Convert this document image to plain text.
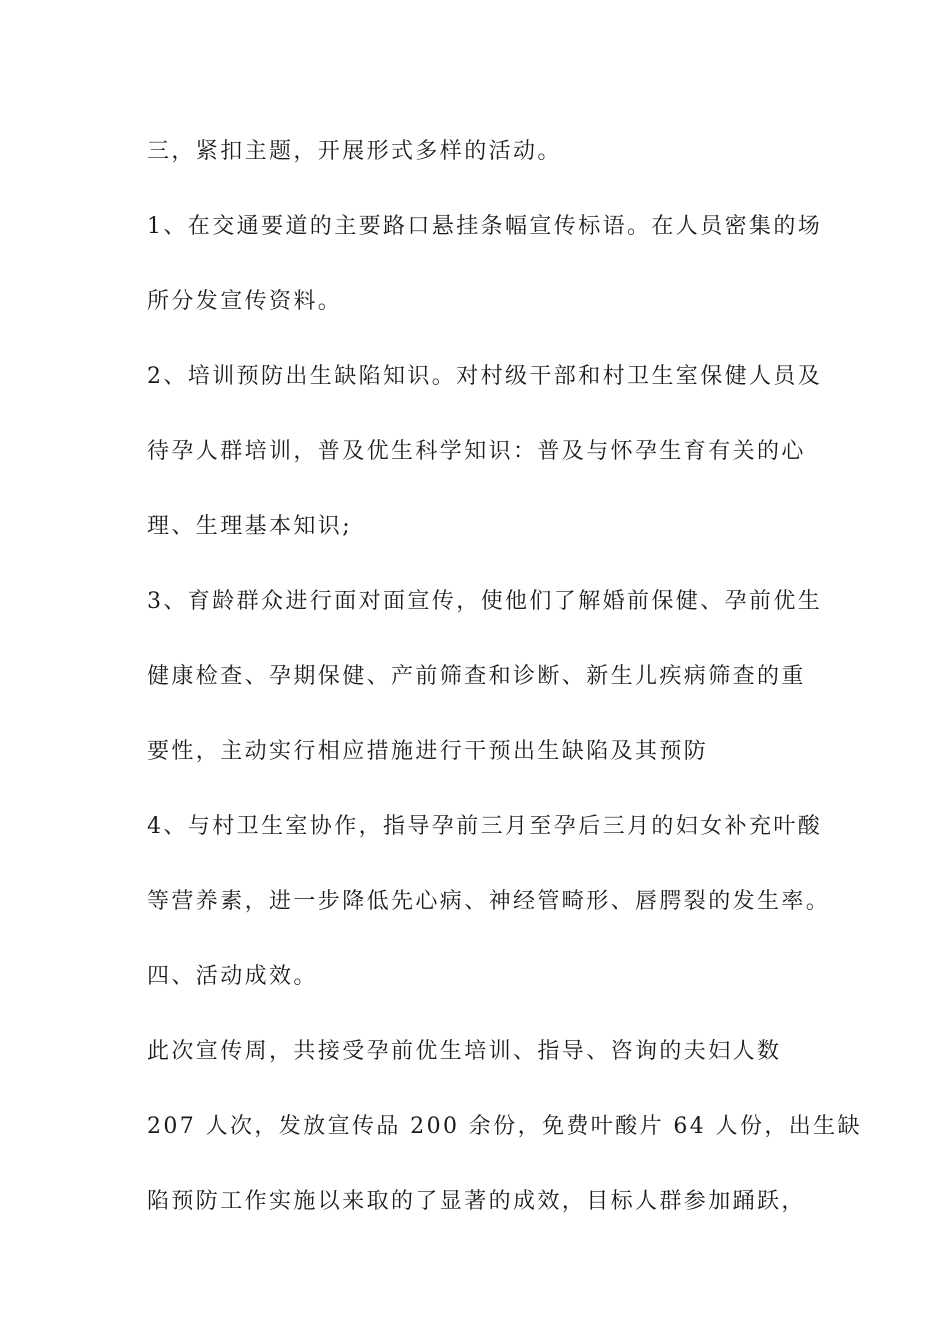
三，紧扣主题，开展形式多样的活动。
1、在交通要道的主要路口悬挂条幅宣传标语。在人员密集的场
所分发宣传资料。
2、培训预防出生缺陷知识。对村级干部和村卫生室保健人员及
待孕人群培训，普及优生科学知识：普及与怀孕生育有关的心
理、生理基本知识;
3、育龄群众进行面对面宣传，使他们了解婚前保健、孕前优生
健康检查、孕期保健、产前筛查和诊断、新生儿疾病筛查的重
要性，主动实行相应措施进行干预出生缺陷及其预防
4、与村卫生室协作，指导孕前三月至孕后三月的妇女补充叶酸
等营养素，进一步降低先心病、神经管畸形、唇腭裂的发生率。
四、活动成效。
此次宣传周，共接受孕前优生培训、指导、咨询的夫妇人数
207 人次，发放宣传品 200 余份，免费叶酸片 64 人份，出生缺
陷预防工作实施以来取的了显著的成效，目标人群参加踊跃，
